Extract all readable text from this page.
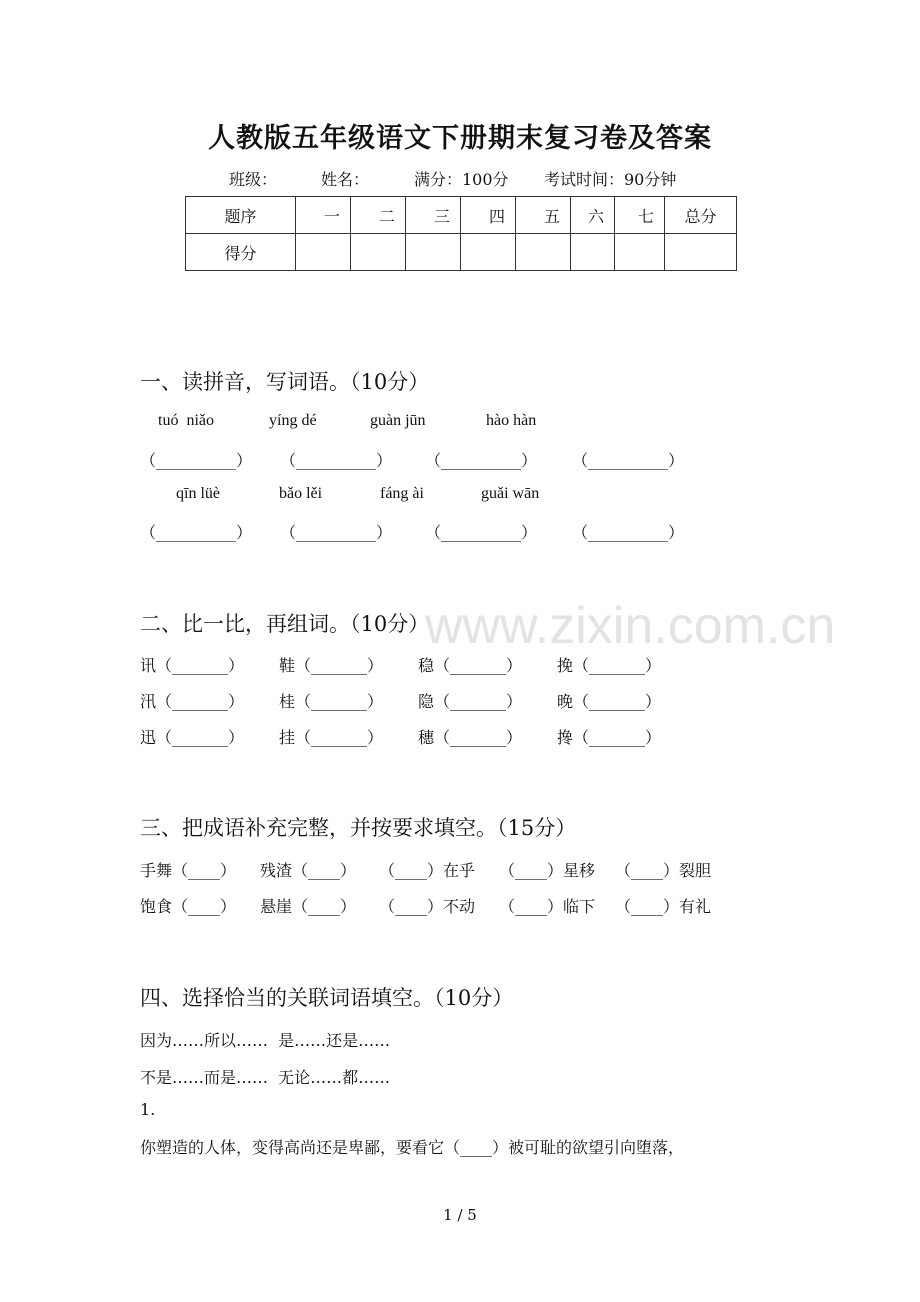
人教版五年级语文下册期末复习卷及答案
班级：	姓名：	满分：100分 考试时间：90分钟
题序	一	二	三	四	五	六	七	总分
得分								
一、读拼音，写词语。（10分）
tuó  niǎo	yíng dé	guàn jūn	hào hàn
（__________） （__________） （__________） （__________）
qīn lüè	bǎo lěi	fáng ài	guǎi wān
（__________） （__________） （__________） （__________）
www.zixin.com.cn
二、比一比，再组词。（10分）
讯（_______） 鞋（_______） 稳（_______） 挽（_______）
汛（_______） 桂（_______） 隐（_______） 晚（_______）
迅（_______） 挂（_______） 穗（_______） 搀（_______）
三、把成语补充完整，并按要求填空。（15分）
手舞（____） 残渣（____） （____）在乎 （____）星移 （____）裂胆
饱食（____） 悬崖（____） （____）不动 （____）临下 （____）有礼
四、选择恰当的关联词语填空。（10分）
因为……所以……  是……还是……
不是……而是……  无论……都……
1.
你塑造的人体，变得高尚还是卑鄙，要看它（____）被可耻的欲望引向堕落，
1 / 5
